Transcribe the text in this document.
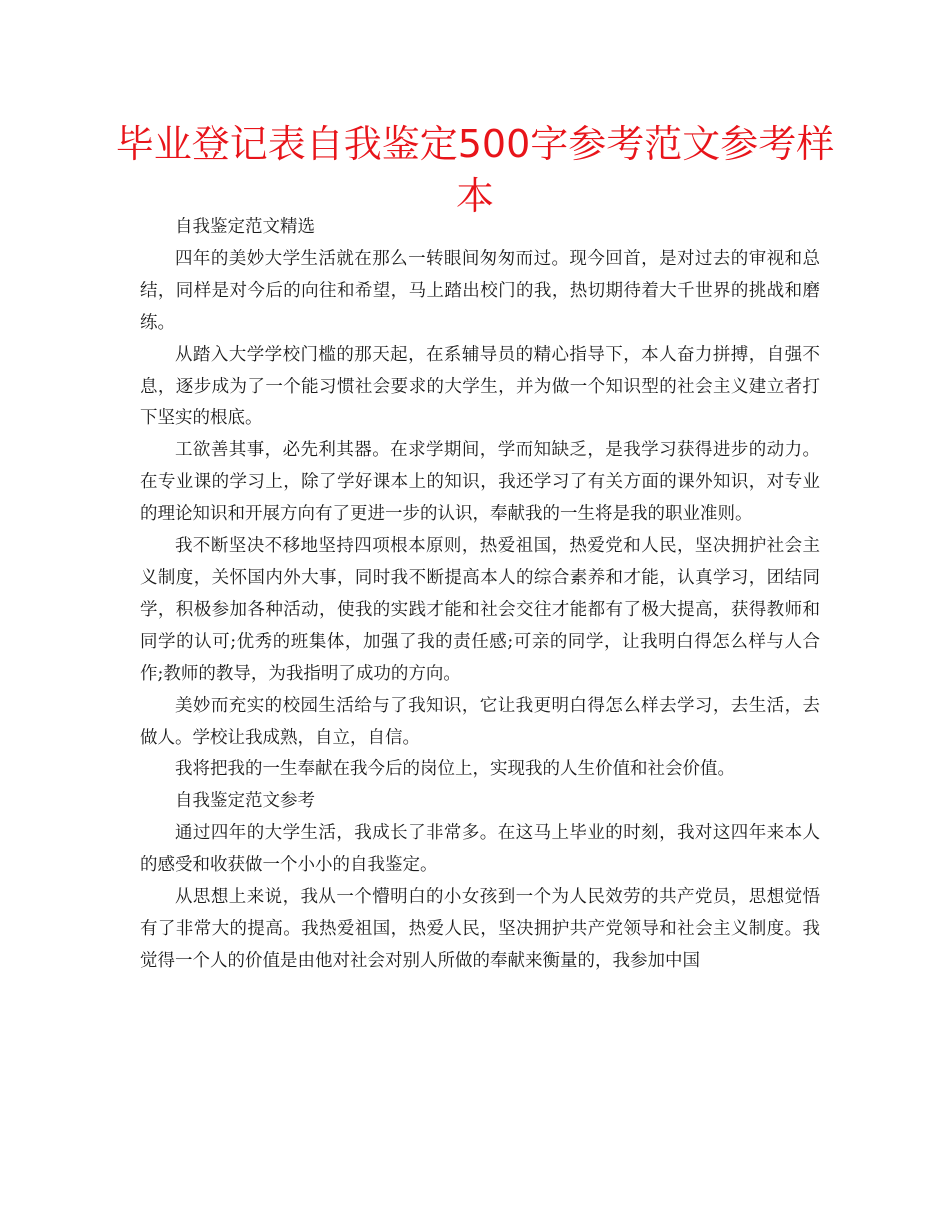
毕业登记表自我鉴定500字参考范文参考样本

自我鉴定范文精选

四年的美妙大学生活就在那么一转眼间匆匆而过。现今回首，是对过去的审视和总结，同样是对今后的向往和希望，马上踏出校门的我，热切期待着大千世界的挑战和磨练。

从踏入大学学校门槛的那天起，在系辅导员的精心指导下，本人奋力拼搏，自强不息，逐步成为了一个能习惯社会要求的大学生，并为做一个知识型的社会主义建立者打下坚实的根底。

工欲善其事，必先利其器。在求学期间，学而知缺乏，是我学习获得进步的动力。在专业课的学习上，除了学好课本上的知识，我还学习了有关方面的课外知识，对专业的理论知识和开展方向有了更进一步的认识，奉献我的一生将是我的职业准则。

我不断坚决不移地坚持四项根本原则，热爱祖国，热爱党和人民，坚决拥护社会主义制度，关怀国内外大事，同时我不断提高本人的综合素养和才能，认真学习，团结同学，积极参加各种活动，使我的实践才能和社会交往才能都有了极大提高，获得教师和同学的认可;优秀的班集体，加强了我的责任感;可亲的同学，让我明白得怎么样与人合作;教师的教导，为我指明了成功的方向。

美妙而充实的校园生活给与了我知识，它让我更明白得怎么样去学习，去生活，去做人。学校让我成熟，自立，自信。

我将把我的一生奉献在我今后的岗位上，实现我的人生价值和社会价值。

自我鉴定范文参考

通过四年的大学生活，我成长了非常多。在这马上毕业的时刻，我对这四年来本人的感受和收获做一个小小的自我鉴定。

从思想上来说，我从一个懵明白的小女孩到一个为人民效劳的共产党员，思想觉悟有了非常大的提高。我热爱祖国，热爱人民，坚决拥护共产党领导和社会主义制度。我觉得一个人的价值是由他对社会对别人所做的奉献来衡量的，我参加中国
